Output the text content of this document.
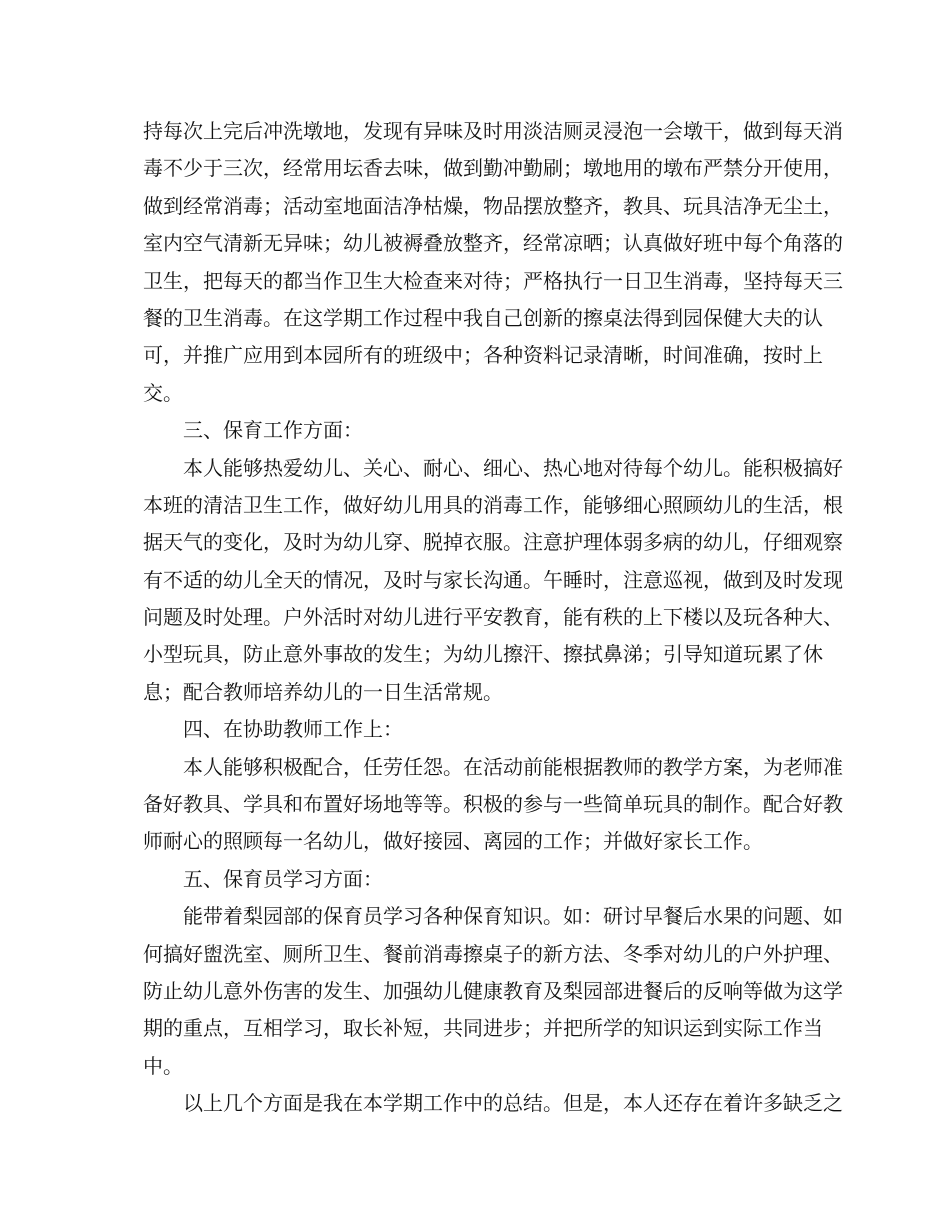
持每次上完后冲洗墩地，发现有异味及时用淡洁厕灵浸泡一会墩干，做到每天消
毒不少于三次，经常用坛香去味，做到勤冲勤刷；墩地用的墩布严禁分开使用，
做到经常消毒；活动室地面洁净枯燥，物品摆放整齐，教具、玩具洁净无尘土，
室内空气清新无异味；幼儿被褥叠放整齐，经常凉晒；认真做好班中每个角落的
卫生，把每天的都当作卫生大检查来对待；严格执行一日卫生消毒，坚持每天三
餐的卫生消毒。在这学期工作过程中我自己创新的擦桌法得到园保健大夫的认
可，并推广应用到本园所有的班级中；各种资料记录清晰，时间准确，按时上
交。
三、保育工作方面：
本人能够热爱幼儿、关心、耐心、细心、热心地对待每个幼儿。能积极搞好
本班的清洁卫生工作，做好幼儿用具的消毒工作，能够细心照顾幼儿的生活，根
据天气的变化，及时为幼儿穿、脱掉衣服。注意护理体弱多病的幼儿，仔细观察
有不适的幼儿全天的情况，及时与家长沟通。午睡时，注意巡视，做到及时发现
问题及时处理。户外活时对幼儿进行平安教育，能有秩的上下楼以及玩各种大、
小型玩具，防止意外事故的发生；为幼儿擦汗、擦拭鼻涕；引导知道玩累了休
息；配合教师培养幼儿的一日生活常规。
四、在协助教师工作上：
本人能够积极配合，任劳任怨。在活动前能根据教师的教学方案，为老师准
备好教具、学具和布置好场地等等。积极的参与一些简单玩具的制作。配合好教
师耐心的照顾每一名幼儿，做好接园、离园的工作；并做好家长工作。
五、保育员学习方面：
能带着梨园部的保育员学习各种保育知识。如：研讨早餐后水果的问题、如
何搞好盥洗室、厕所卫生、餐前消毒擦桌子的新方法、冬季对幼儿的户外护理、
防止幼儿意外伤害的发生、加强幼儿健康教育及梨园部进餐后的反响等做为这学
期的重点，互相学习，取长补短，共同进步；并把所学的知识运到实际工作当
中。
以上几个方面是我在本学期工作中的总结。但是，本人还存在着许多缺乏之
